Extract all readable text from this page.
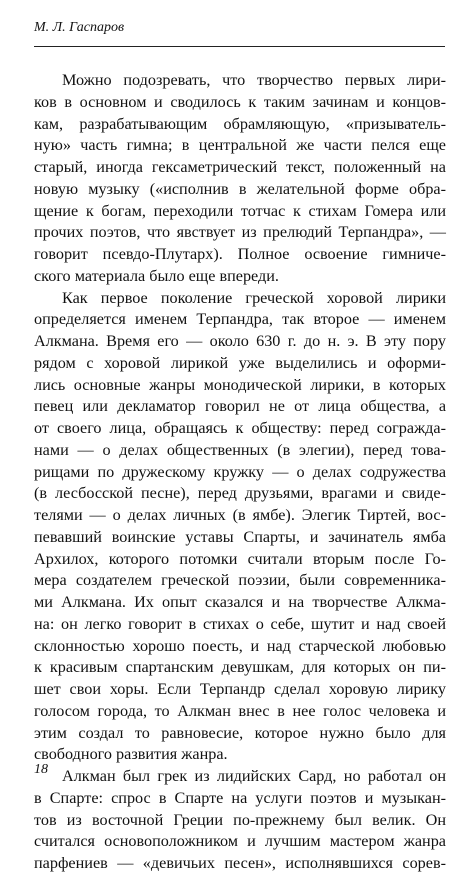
М. Л. Гаспаров
Можно подозревать, что творчество первых лири-
ков в основном и сводилось к таким зачинам и концов-
кам, разрабатывающим обрамляющую, «призыватель-
ную» часть гимна; в центральной же части пелся еще
старый, иногда гексаметрический текст, положенный на
новую музыку («исполнив в желательной форме обра-
щение к богам, переходили тотчас к стихам Гомера или
прочих поэтов, что явствует из прелюдий Терпандра», —
говорит псевдо-Плутарх). Полное освоение гимниче-
ского материала было еще впереди.
Как первое поколение греческой хоровой лирики
определяется именем Терпандра, так второе — именем
Алкмана. Время его — около 630 г. до н. э. В эту пору
рядом с хоровой лирикой уже выделились и оформи-
лись основные жанры монодической лирики, в которых
певец или декламатор говорил не от лица общества, а
от своего лица, обращаясь к обществу: перед сограждa-
нами — о делах общественных (в элегии), перед това-
рищами по дружескому кружку — о делах содружества
(в лесбосской песне), перед друзьями, врагами и свиде-
телями — о делах личных (в ямбе). Элегик Тиртей, вос-
певавший воинские уставы Спарты, и зачинатель ямба
Архилох, которого потомки считали вторым после Го-
мера создателем греческой поэзии, были современника-
ми Алкмана. Их опыт сказался и на творчестве Алкма-
на: он легко говорит в стихах о себе, шутит и над своей
склонностью хорошо поесть, и над старческой любовью
к красивым спартанским девушкам, для которых он пи-
шет свои хоры. Если Терпандр сделал хоровую лирику
голосом города, то Алкман внес в нее голос человека и
этим создал то равновесие, которое нужно было для
свободного развития жанра.
Алкман был грек из лидийских Сард, но работал он
в Спарте: спрос в Спарте на услуги поэтов и музыкан-
тов из восточной Греции по-прежнему был велик. Он
считался основоположником и лучшим мастером жанра
парфениев — «девичьих песен», исполнявшихся сорев-
18
